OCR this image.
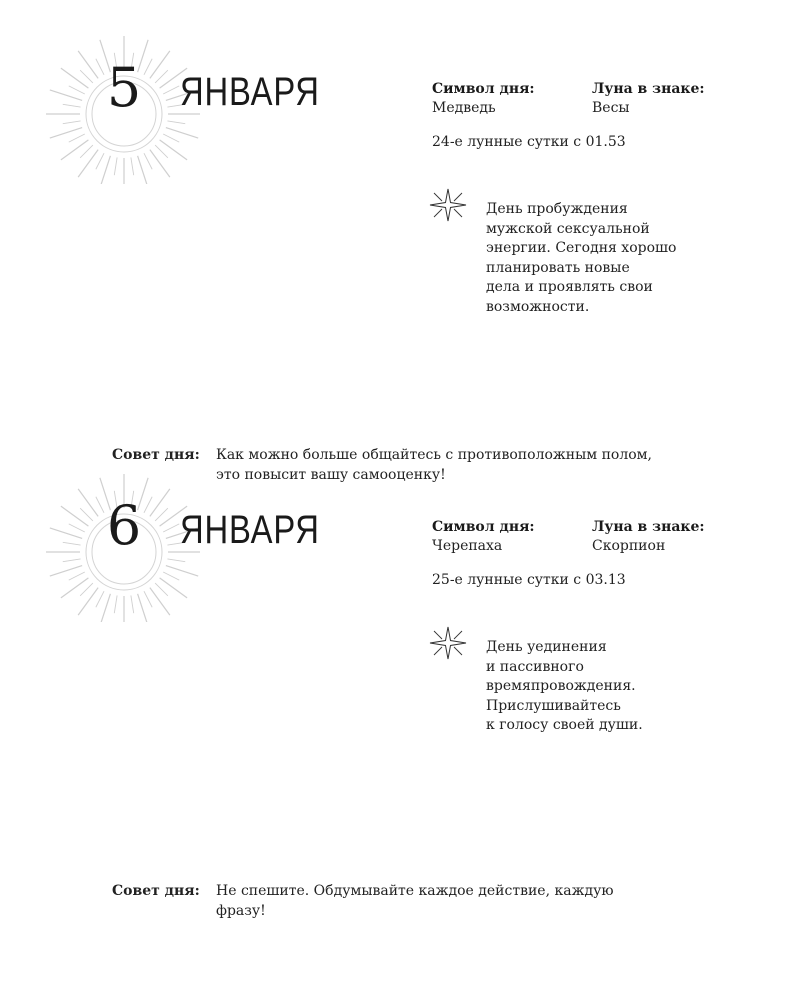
5 ЯНВАРЯ	Символ дня:
Медведь
Луна в знаке:
Весы
24-е лунные сутки с 01.53
День пробуждения
мужской сексуальной
энергии. Сегодня хорошо
планировать новые
дела и проявлять свои
возможности.
Совет дня: Как можно больше общайтесь с противоположным полом,
это повысит вашу самооценку!
6 ЯНВАРЯ	Символ дня:
Черепаха
Луна в знаке:
Скорпион
25-е лунные сутки с 03.13
День уединения
и пассивного
времяпровождения.
Прислушивайтесь
к голосу своей души.
Совет дня: Не спешите. Обдумывайте каждое действие, каждую
фразу!
